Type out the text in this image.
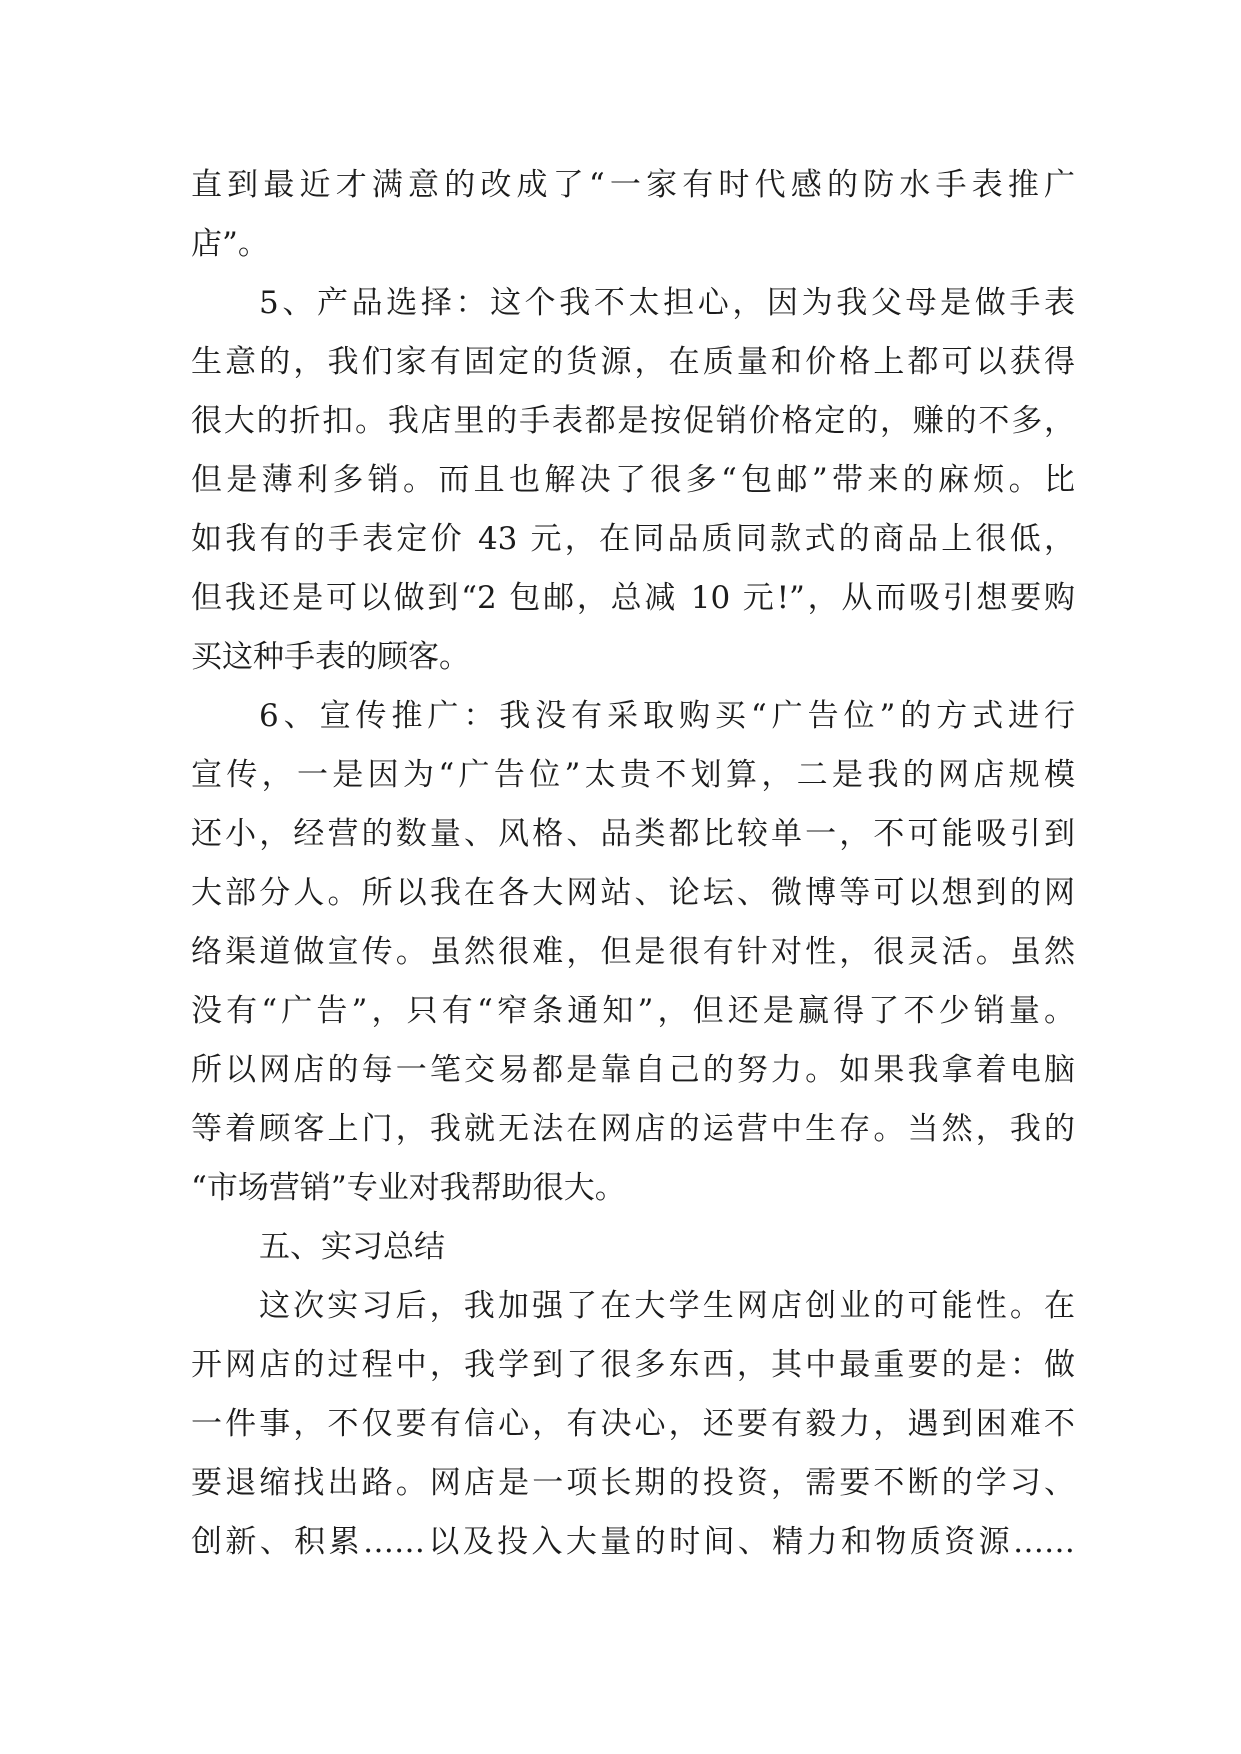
直到最近才满意的改成了“一家有时代感的防水手表推广
店”。
5、产品选择：这个我不太担心，因为我父母是做手表
生意的，我们家有固定的货源，在质量和价格上都可以获得
很大的折扣。我店里的手表都是按促销价格定的，赚的不多，
但是薄利多销。而且也解决了很多“包邮”带来的麻烦。比
如我有的手表定价 43 元，在同品质同款式的商品上很低，
但我还是可以做到“2 包邮，总减 10 元!”，从而吸引想要购
买这种手表的顾客。
6、宣传推广：我没有采取购买“广告位”的方式进行
宣传，一是因为“广告位”太贵不划算，二是我的网店规模
还小，经营的数量、风格、品类都比较单一，不可能吸引到
大部分人。所以我在各大网站、论坛、微博等可以想到的网
络渠道做宣传。虽然很难，但是很有针对性，很灵活。虽然
没有“广告”，只有“窄条通知”，但还是赢得了不少销量。
所以网店的每一笔交易都是靠自己的努力。如果我拿着电脑
等着顾客上门，我就无法在网店的运营中生存。当然，我的
“市场营销”专业对我帮助很大。
五、实习总结
这次实习后，我加强了在大学生网店创业的可能性。在
开网店的过程中，我学到了很多东西，其中最重要的是：做
一件事，不仅要有信心，有决心，还要有毅力，遇到困难不
要退缩找出路。网店是一项长期的投资，需要不断的学习、
创新、积累……以及投入大量的时间、精力和物质资源……
